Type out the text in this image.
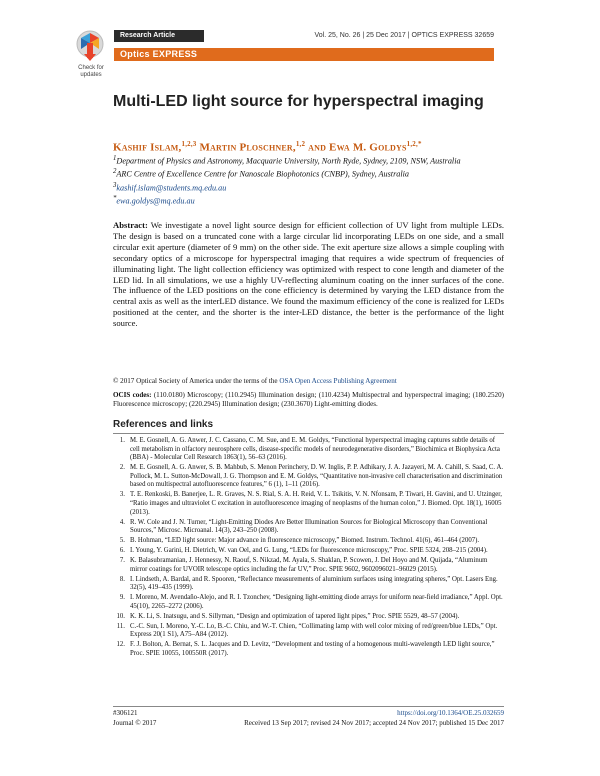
Check for updates
Research Article	Vol. 25, No. 26 | 25 Dec 2017 | OPTICS EXPRESS 32659
Optics EXPRESS
Multi-LED light source for hyperspectral imaging
Kashif Islam,$^{1,2,3}$ Martin Ploschner,$^{1,2}$ and Ewa M. Goldys$^{1,2,*}$
$^1$Department of Physics and Astronomy, Macquarie University, North Ryde, Sydney, 2109, NSW, Australia
$^2$ARC Centre of Excellence Centre for Nanoscale Biophotonics (CNBP), Sydney, Australia
$^3$kashif.islam@students.mq.edu.au
*ewa.goldys@mq.edu.au
Abstract: We investigate a novel light source design for efficient collection of UV light from multiple LEDs. The design is based on a truncated cone with a large circular lid incorporating LEDs on one side, and a small circular exit aperture (diameter of 9 mm) on the other side. The exit aperture size allows a simple coupling with secondary optics of a microscope for hyperspectral imaging that requires a wide spectrum of frequencies of illuminating light. The light collection efficiency was optimized with respect to cone length and diameter of the LED lid. In all simulations, we use a highly UV-reflecting aluminum coating on the inner surfaces of the cone. The influence of the LED positions on the cone efficiency is determined by varying the LED distance from the central axis as well as the interLED distance. We found the maximum efficiency of the cone is realized for LEDs positioned at the center, and the shorter is the inter-LED distance, the better is the performance of the light source.
© 2017 Optical Society of America under the terms of the OSA Open Access Publishing Agreement
OCIS codes: (110.0180) Microscopy; (110.2945) Illumination design; (110.4234) Multispectral and hyperspectral imaging; (180.2520) Fluorescence microscopy; (220.2945) Illumination design; (230.3670) Light-emitting diodes.
References and links
1. M. E. Gosnell, A. G. Anwer, J. C. Cassano, C. M. Sue, and E. M. Goldys, “Functional hyperspectral imaging captures subtle details of cell metabolism in olfactory neurosphere cells, disease-specific models of neurodegenerative disorders,” Biochimica et Biophysica Acta (BBA) - Molecular Cell Research 1863(1), 56–63 (2016).
2. M. E. Gosnell, A. G. Anwer, S. B. Mahbub, S. Menon Perinchery, D. W. Inglis, P. P. Adhikary, J. A. Jazayeri, M. A. Cahill, S. Saad, C. A. Pollock, M. L. Sutton-McDowall, J. G. Thompson and E. M. Goldys, “Quantitative non-invasive cell characterisation and discrimination based on multispectral autofluorescence features,” 6 (1), 1–11 (2016).
3. T. E. Renkoski, B. Banerjee, L. R. Graves, N. S. Rial, S. A. H. Reid, V. L. Tsikitis, V. N. Nfonsam, P. Tiwari, H. Gavini, and U. Utzinger, “Ratio images and ultraviolet C excitation in autofluorescence imaging of neoplasms of the human colon,” J. Biomed. Opt. 18(1), 16005 (2013).
4. R. W. Cole and J. N. Turner, “Light-Emitting Diodes Are Better Illumination Sources for Biological Microscopy than Conventional Sources,” Microsc. Microanal. 14(3), 243–250 (2008).
5. B. Hohman, “LED light source: Major advance in fluorescence microscopy,” Biomed. Instrum. Technol. 41(6), 461–464 (2007).
6. I. Young, Y. Garini, H. Dietrich, W. van Oel, and G. Lung, “LEDs for fluorescence microscopy,” Proc. SPIE 5324, 208–215 (2004).
7. K. Balasubramanian, J. Hennessy, N. Raouf, S. Nikzad, M. Ayala, S. Shaklan, P. Scowen, J. Del Hoyo and M. Quijada, “Aluminum mirror coatings for UVOIR telescope optics including the far UV,” Proc. SPIE 9602, 9602096021–96029 (2015).
8. I. Lindseth, A. Bardal, and R. Spooren, “Reflectance measurements of aluminium surfaces using integrating spheres,” Opt. Lasers Eng. 32(5), 419–435 (1999).
9. I. Moreno, M. Avendaño-Alejo, and R. I. Tzonchev, “Designing light-emitting diode arrays for uniform near-field irradiance,” Appl. Opt. 45(10), 2265–2272 (2006).
10. K. K. Li, S. Inatsugu, and S. Sillyman, “Design and optimization of tapered light pipes,” Proc. SPIE 5529, 48–57 (2004).
11. C.-C. Sun, I. Moreno, Y.-C. Lo, B.-C. Chiu, and W.-T. Chien, “Collimating lamp with well color mixing of red/green/blue LEDs,” Opt. Express 20(1 S1), A75–A84 (2012).
12. F. J. Bolton, A. Bernat, S. L. Jacques and D. Levitz, “Development and testing of a homogenous multi-wavelength LED light source,” Proc. SPIE 10055, 100550R (2017).
#306121	https://doi.org/10.1364/OE.25.032659
Journal © 2017	Received 13 Sep 2017; revised 24 Nov 2017; accepted 24 Nov 2017; published 15 Dec 2017
